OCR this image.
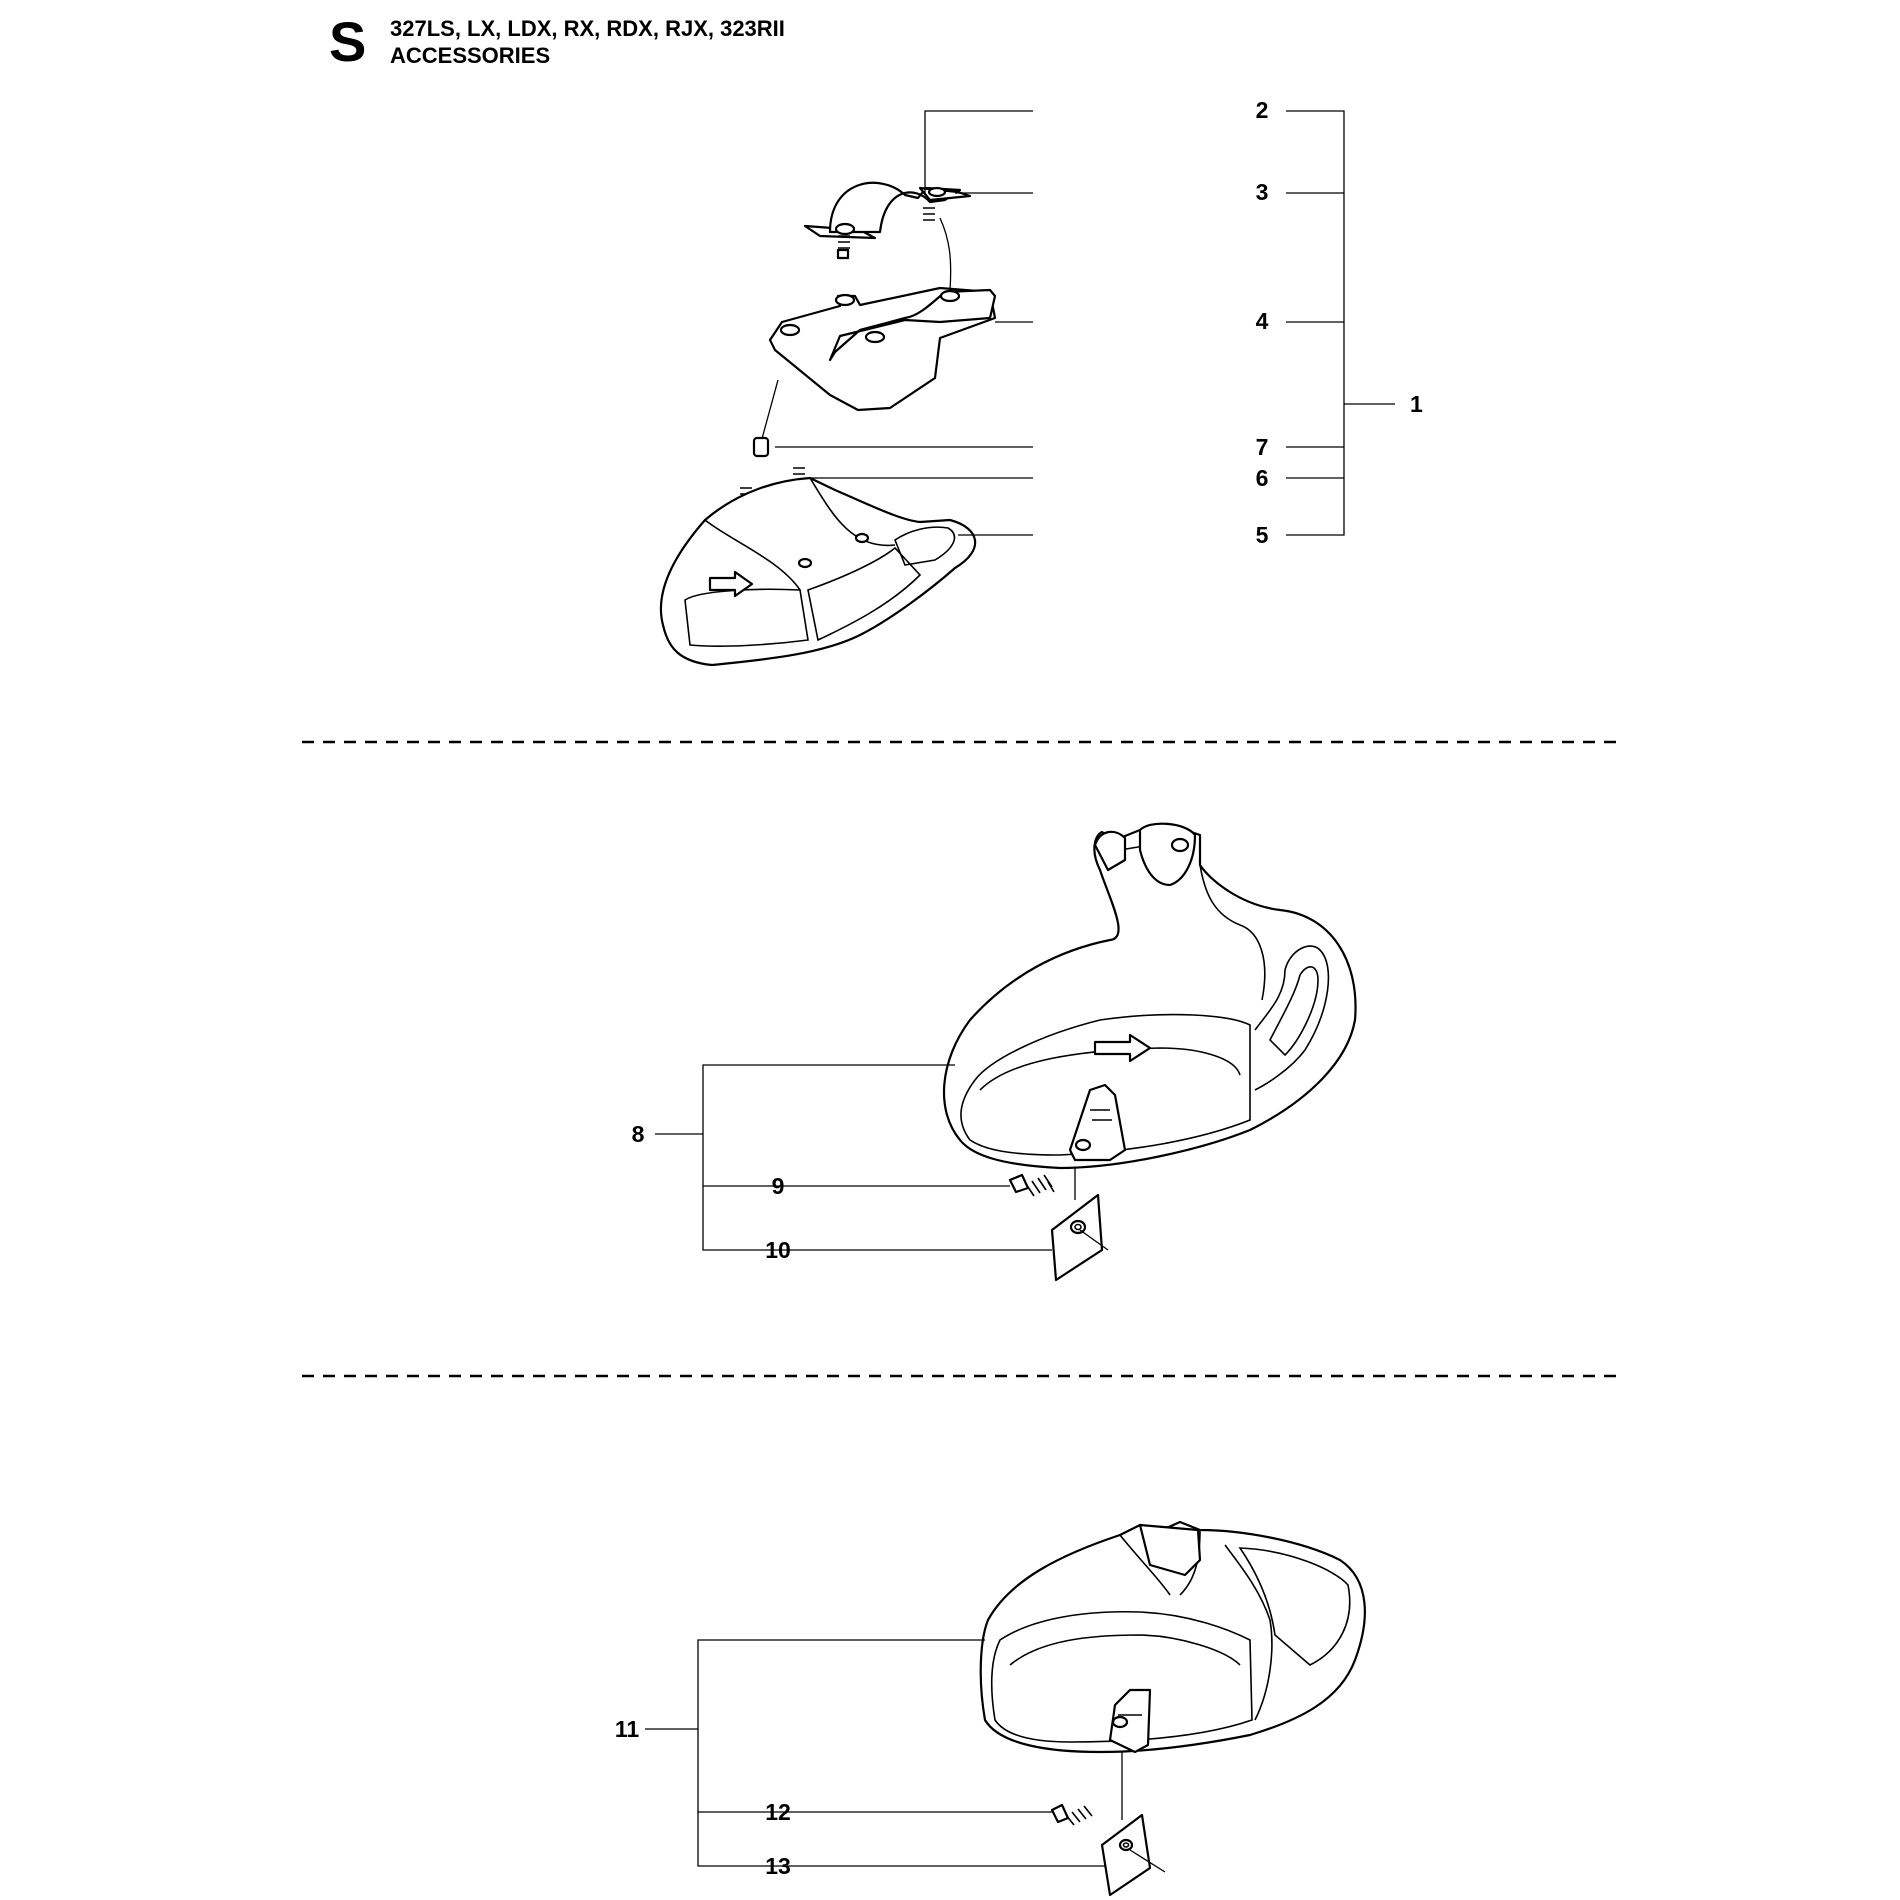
S 327LS, LX, LDX, RX, RDX, RJX, 323RII
ACCESSORIES
2
3
4
1
7
6
5
8
9
10
11
12
13
